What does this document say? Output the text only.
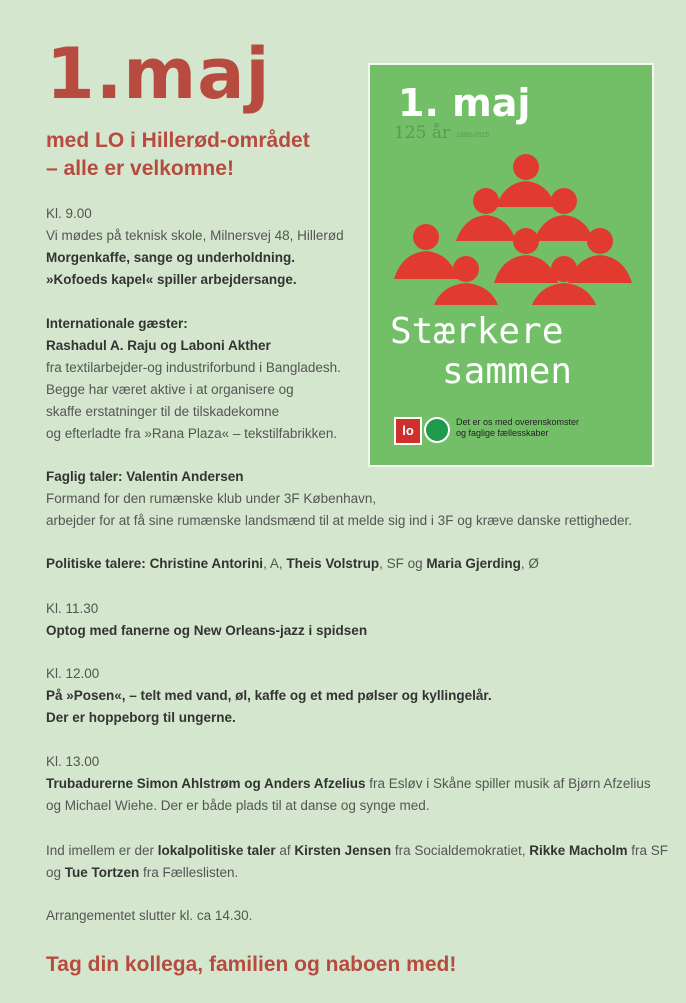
1.maj
med LO i Hillerød-området
– alle er velkomne!
1. maj
125 år 1890-2015
Stærkere
sammen
lo
Det er os med overenskomster
og faglige fællesskaber
Kl. 9.00
Vi mødes på teknisk skole, Milnersvej 48, Hillerød
Morgenkaffe, sange og underholdning.
»Kofoeds kapel« spiller arbejdersange.
Internationale gæster:
Rashadul A. Raju og Laboni Akther
fra textilarbejder-og industriforbund i Bangladesh.
Begge har været aktive i at organisere og
skaffe erstatninger til de tilskadekomne
og efterladte fra »Rana Plaza« – tekstilfabrikken.
Faglig taler: Valentin Andersen
Formand for den rumænske klub under 3F København,
arbejder for at få sine rumænske landsmænd til at melde sig ind i 3F og kræve danske rettigheder.
Politiske talere: Christine Antorini, A, Theis Volstrup, SF og Maria Gjerding, Ø
Kl. 11.30
Optog med fanerne og New Orleans-jazz i spidsen
Kl. 12.00
På »Posen«, – telt med vand, øl, kaffe og et med pølser og kyllingelår.
Der er hoppeborg til ungerne.
Kl. 13.00
Trubadurerne Simon Ahlstrøm og Anders Afzelius fra Esløv i Skåne spiller musik af Bjørn Afzelius
og Michael Wiehe. Der er både plads til at danse og synge med.
Ind imellem er der lokalpolitiske taler af Kirsten Jensen fra Socialdemokratiet, Rikke Macholm fra SF
og Tue Tortzen fra Fælleslisten.
Arrangementet slutter kl. ca 14.30.
Tag din kollega, familien og naboen med!
